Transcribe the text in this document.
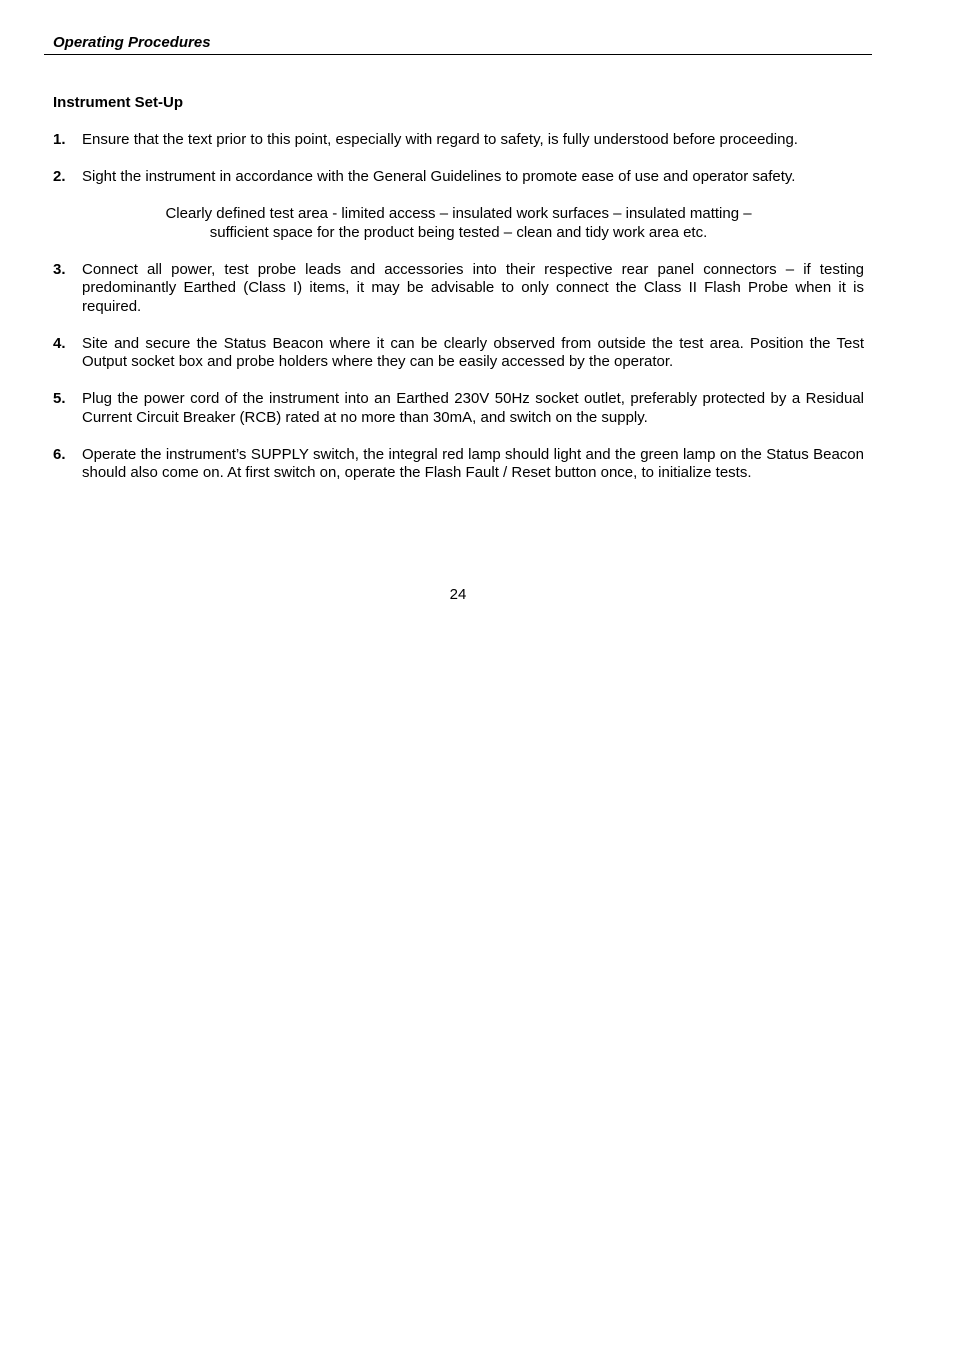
Operating Procedures
Instrument Set-Up
1. Ensure that the text prior to this point, especially with regard to safety, is fully understood before proceeding.
2. Sight the instrument in accordance with the General Guidelines to promote ease of use and operator safety.
Clearly defined test area - limited access – insulated work surfaces – insulated matting –
sufficient space for the product being tested – clean and tidy work area etc.
3. Connect all power, test probe leads and accessories into their respective rear panel connectors – if testing predominantly Earthed (Class I) items, it may be advisable to only connect the Class II Flash Probe when it is required.
4. Site and secure the Status Beacon where it can be clearly observed from outside the test area. Position the Test Output socket box and probe holders where they can be easily accessed by the operator.
5. Plug the power cord of the instrument into an Earthed 230V 50Hz socket outlet, preferably protected by a Residual Current Circuit Breaker (RCB) rated at no more than 30mA, and switch on the supply.
6. Operate the instrument’s SUPPLY switch, the integral red lamp should light and the green lamp on the Status Beacon should also come on. At first switch on, operate the Flash Fault / Reset button once, to initialize tests.
24
